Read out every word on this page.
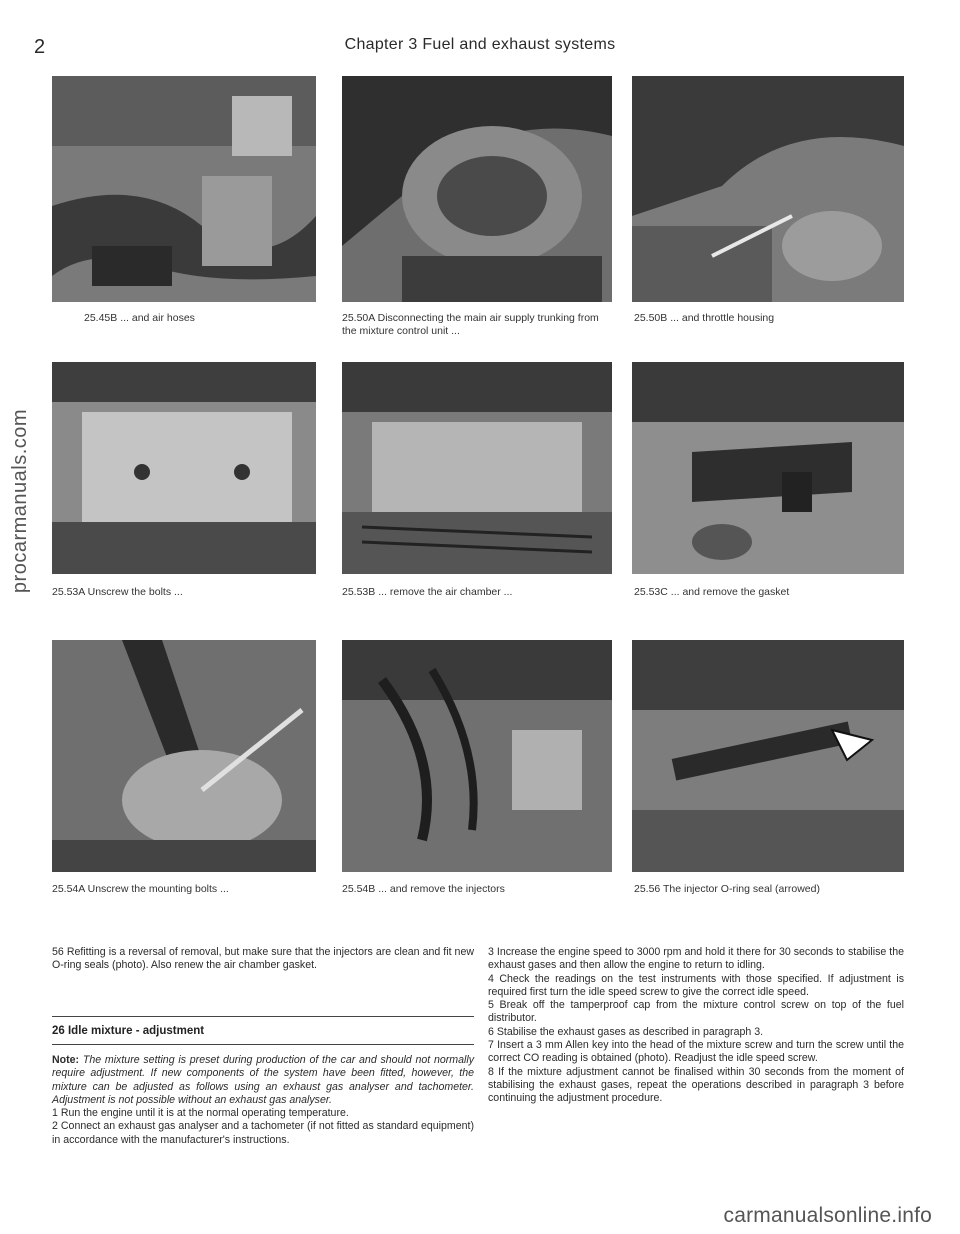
2	Chapter 3 Fuel and exhaust systems
procarmanuals.com
25.45B ... and air hoses	25.50A Disconnecting the main air supply trunking from the mixture control unit ...
25.50B ... and throttle housing
25.53A Unscrew the bolts ...	25.53B ... remove the air chamber ...	25.53C ... and remove the gasket
25.54A Unscrew the mounting bolts ...	25.54B ... and remove the injectors	25.56 The injector O-ring seal (arrowed)

56 Refitting is a reversal of removal, but make sure that the injectors are clean and fit new O-ring seals (photo). Also renew the air chamber gasket.

26 Idle mixture - adjustment

Note: The mixture setting is preset during production of the car and should not normally require adjustment. If new components of the system have been fitted, however, the mixture can be adjusted as follows using an exhaust gas analyser and tachometer. Adjustment is not possible without an exhaust gas analyser.

1 Run the engine until it is at the normal operating temperature.

2 Connect an exhaust gas analyser and a tachometer (if not fitted as standard equipment) in accordance with the manufacturer's instructions.

3 Increase the engine speed to 3000 rpm and hold it there for 30 seconds to stabilise the exhaust gases and then allow the engine to return to idling.

4 Check the readings on the test instruments with those specified. If adjustment is required first turn the idle speed screw to give the correct idle speed.

5 Break off the tamperproof cap from the mixture control screw on top of the fuel distributor.

6 Stabilise the exhaust gases as described in paragraph 3.

7 Insert a 3 mm Allen key into the head of the mixture screw and turn the screw until the correct CO reading is obtained (photo). Readjust the idle speed screw.

8 If the mixture adjustment cannot be finalised within 30 seconds from the moment of stabilising the exhaust gases, repeat the operations described in paragraph 3 before continuing the adjustment procedure.

carmanualsonline.info
